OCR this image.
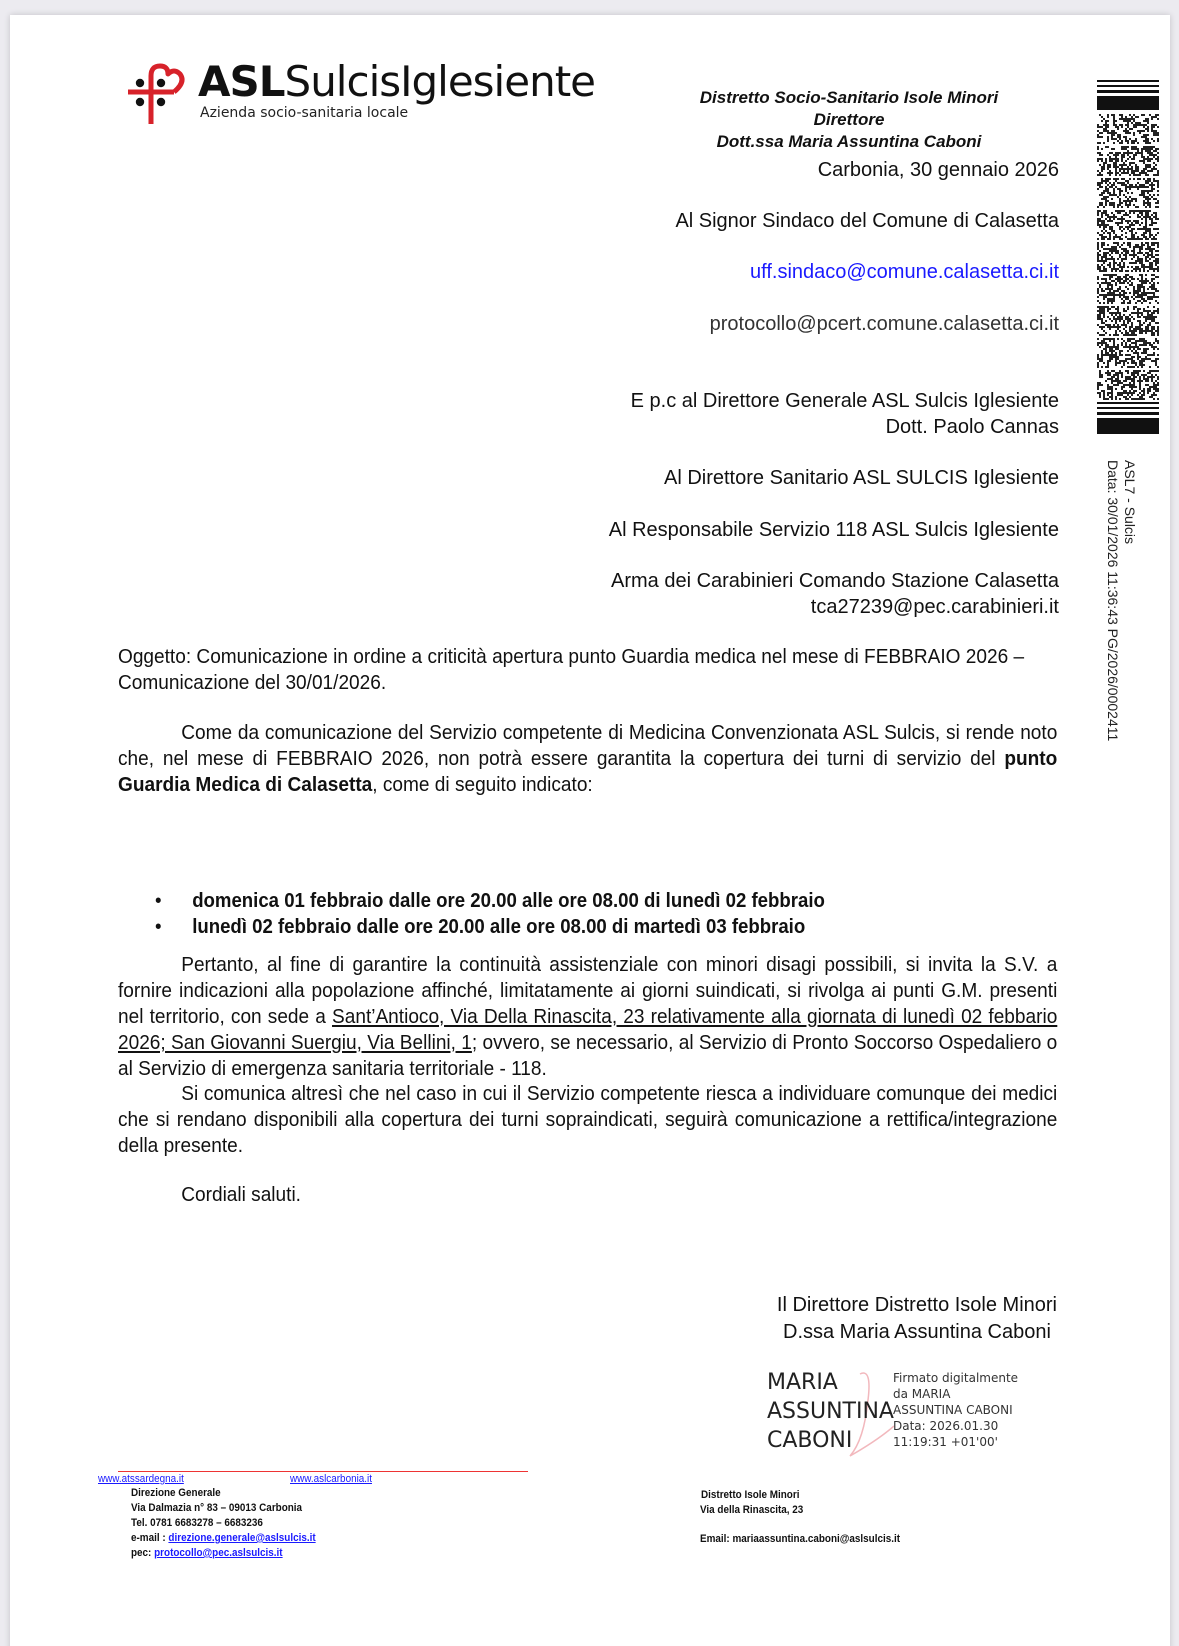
ASLSulcisIglesiente
Azienda socio-sanitaria locale
Distretto Socio-Sanitario Isole Minori
Direttore
Dott.ssa Maria Assuntina Caboni
Carbonia, 30 gennaio 2026
Al Signor Sindaco del Comune di Calasetta
uff.sindaco@comune.calasetta.ci.it
protocollo@pcert.comune.calasetta.ci.it
E p.c al Direttore Generale ASL Sulcis Iglesiente
Dott. Paolo Cannas
Al Direttore Sanitario ASL SULCIS Iglesiente
Al Responsabile Servizio 118 ASL Sulcis Iglesiente
Arma dei Carabinieri Comando Stazione Calasetta
tca27239@pec.carabinieri.it
ASL7 - Sulcis
Data: 30/01/2026 11:36:43 PG/2026/0002411
Oggetto: Comunicazione in ordine a criticità apertura punto Guardia medica nel mese di FEBBRAIO 2026 – Comunicazione del 30/01/2026.
Come da comunicazione del Servizio competente di Medicina Convenzionata ASL Sulcis, si rende noto che, nel mese di FEBBRAIO 2026, non potrà essere garantita la copertura dei turni di servizio del punto Guardia Medica di Calasetta, come di seguito indicato:
• domenica 01 febbraio dalle ore 20.00 alle ore 08.00 di lunedì 02 febbraio
• lunedì 02 febbraio dalle ore 20.00 alle ore 08.00 di martedì 03 febbraio
Pertanto, al fine di garantire la continuità assistenziale con minori disagi possibili, si invita la S.V. a fornire indicazioni alla popolazione affinché, limitatamente ai giorni suindicati, si rivolga ai punti G.M. presenti nel territorio, con sede a Sant’Antioco, Via Della Rinascita, 23 relativamente alla giornata di lunedì 02 febbario 2026; San Giovanni Suergiu, Via Bellini, 1; ovvero, se necessario, al Servizio di Pronto Soccorso Ospedaliero o al Servizio di emergenza sanitaria territoriale - 118.
Si comunica altresì che nel caso in cui il Servizio competente riesca a individuare comunque dei medici che si rendano disponibili alla copertura dei turni sopraindicati, seguirà comunicazione a rettifica/integrazione della presente.
Cordiali saluti.
Il Direttore Distretto Isole Minori
D.ssa Maria Assuntina Caboni
MARIA
ASSUNTINA
CABONI
Firmato digitalmente
da MARIA
ASSUNTINA CABONI
Data: 2026.01.30
11:19:31 +01'00'
www.atssardegna.it	www.aslcarbonia.it
Direzione Generale
Via Dalmazia n° 83 – 09013 Carbonia
Tel. 0781 6683278 – 6683236
e-mail : direzione.generale@aslsulcis.it
pec: protocollo@pec.aslsulcis.it
Distretto Isole Minori
Via della Rinascita, 23
Email: mariaassuntina.caboni@aslsulcis.it
